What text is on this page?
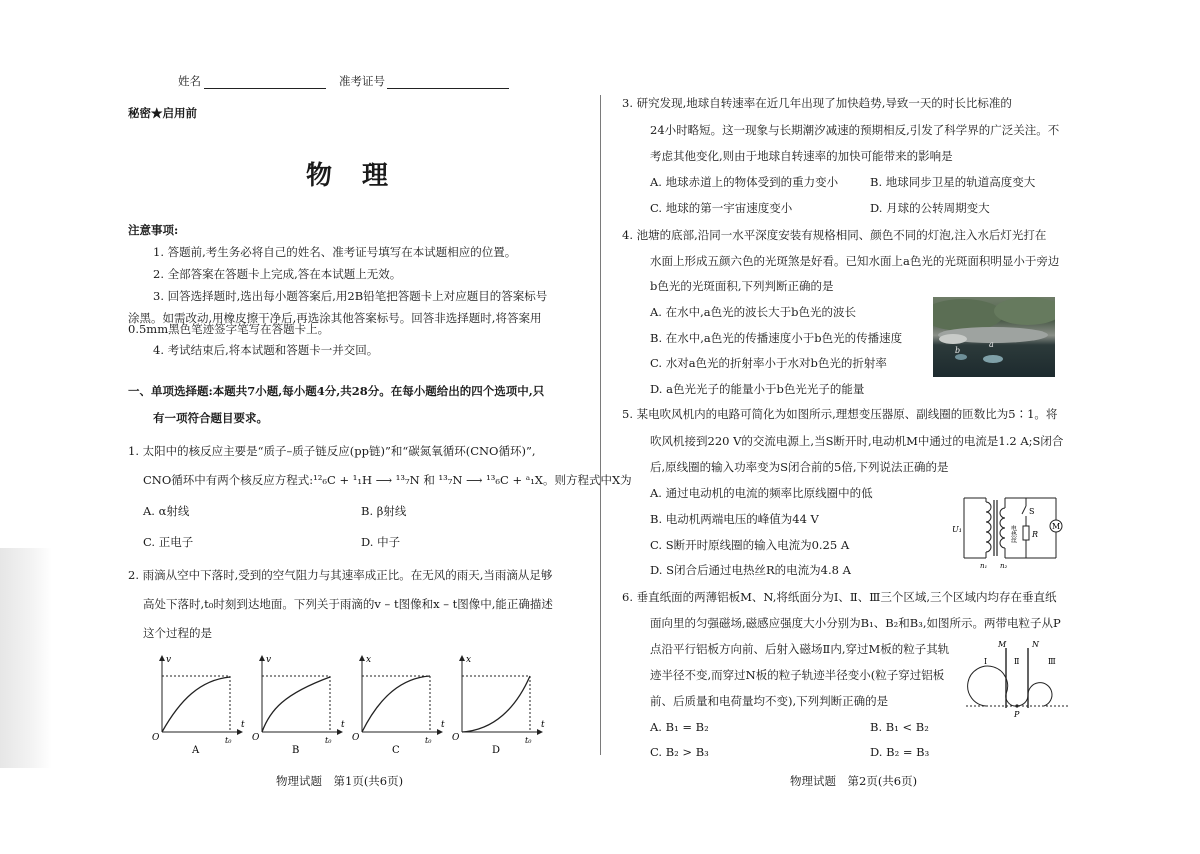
姓名	准考证号
秘密★启用前
物理
注意事项:
1. 答题前,考生务必将自己的姓名、准考证号填写在本试题相应的位置。
2. 全部答案在答题卡上完成,答在本试题上无效。
3. 回答选择题时,选出每小题答案后,用2B铅笔把答题卡上对应题目的答案标号
涂黑。如需改动,用橡皮擦干净后,再选涂其他答案标号。回答非选择题时,将答案用
0.5mm黑色笔迹签字笔写在答题卡上。
4. 考试结束后,将本试题和答题卡一并交回。
一、单项选择题:本题共7小题,每小题4分,共28分。在每小题给出的四个选项中,只
有一项符合题目要求。
1. 太阳中的核反应主要是“质子–质子链反应(pp链)”和“碳氮氧循环(CNO循环)”,
CNO循环中有两个核反应方程式:¹²₆C + ¹₁H ⟶ ¹³₇N 和 ¹³₇N ⟶ ¹³₆C + ᵃ₁X。则方程式中X为
A. α射线	B. β射线
C. 正电子	D. 中子
2. 雨滴从空中下落时,受到的空气阻力与其速率成正比。在无风的雨天,当雨滴从足够
高处下落时,t₀时刻到达地面。下列关于雨滴的v – t图像和x – t图像中,能正确描述
这个过程的是
v
t
t₀
O
A
v
t
t₀
O
B
x
t
t₀
O
C
x
t
t₀
O
D
物理试题　第1页(共6页)
3. 研究发现,地球自转速率在近几年出现了加快趋势,导致一天的时长比标准的
24小时略短。这一现象与长期潮汐减速的预期相反,引发了科学界的广泛关注。不
考虑其他变化,则由于地球自转速率的加快可能带来的影响是
A. 地球赤道上的物体受到的重力变小	B. 地球同步卫星的轨道高度变大
C. 地球的第一宇宙速度变小	D. 月球的公转周期变大
4. 池塘的底部,沿同一水平深度安装有规格相同、颜色不同的灯泡,注入水后灯光打在
水面上形成五颜六色的光斑煞是好看。已知水面上a色光的光斑面积明显小于旁边
b色光的光斑面积,下列判断正确的是
A. 在水中,a色光的波长大于b色光的波长
B. 在水中,a色光的传播速度小于b色光的传播速度
C. 水对a色光的折射率小于水对b色光的折射率
D. a色光光子的能量小于b色光光子的能量
a
b
5. 某电吹风机内的电路可简化为如图所示,理想变压器原、副线圈的匝数比为5∶1。将
吹风机接到220 V的交流电源上,当S断开时,电动机M中通过的电流是1.2 A;S闭合
后,原线圈的输入功率变为S闭合前的5倍,下列说法正确的是
A. 通过电动机的电流的频率比原线圈中的低
B. 电动机两端电压的峰值为44 V
C. S断开时原线圈的输入电流为0.25 A
D. S闭合后通过电热丝R的电流为4.8 A
M
S
R
电热丝
U₁
n₁ n₂
6. 垂直纸面的两薄铝板M、N,将纸面分为Ⅰ、Ⅱ、Ⅲ三个区域,三个区域内均存在垂直纸
面向里的匀强磁场,磁感应强度大小分别为B₁、B₂和B₃,如图所示。两带电粒子从P
点沿平行铝板方向前、后射入磁场Ⅱ内,穿过M板的粒子其轨
迹半径不变,而穿过N板的粒子轨迹半径变小(粒子穿过铝板
前、后质量和电荷量均不变),下列判断正确的是
A. B₁ = B₂	B. B₁ < B₂
C. B₂ > B₃	D. B₂ = B₃
M	N
Ⅰ	Ⅱ	Ⅲ
P
物理试题　第2页(共6页)
